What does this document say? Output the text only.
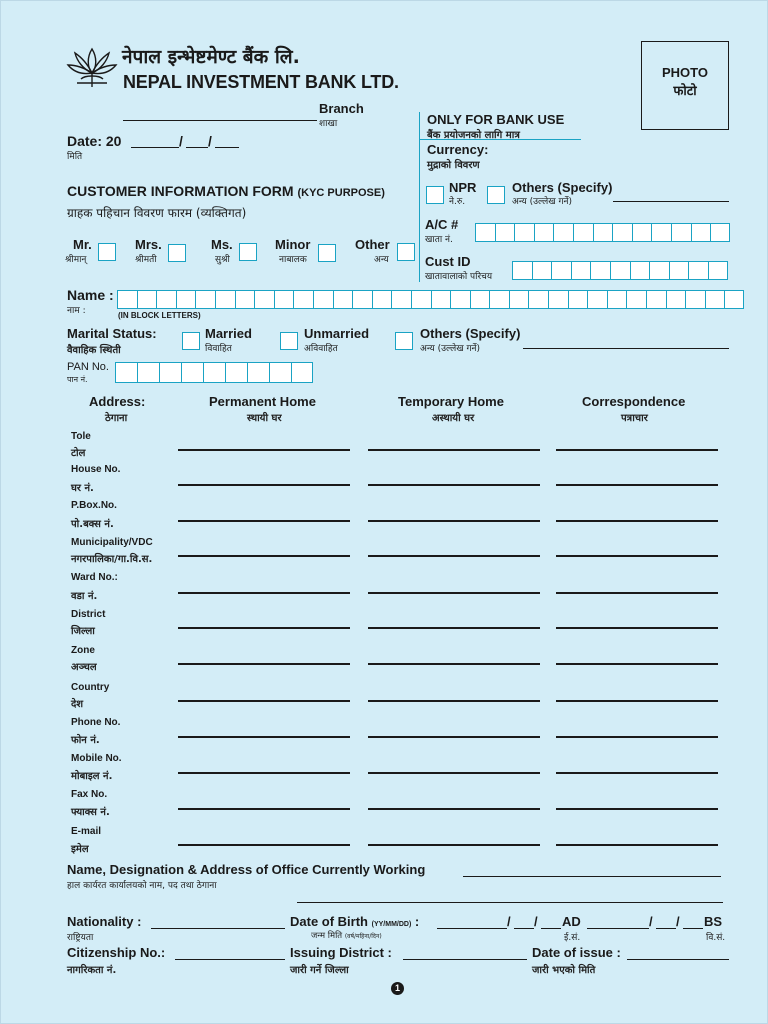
नेपाल इन्भेष्टमेण्ट बैंक लि.
NEPAL INVESTMENT BANK LTD.
Branch
शाखा
PHOTO
फोटो
Date: 20	/ /
मिति
ONLY FOR BANK USE
बैंक प्रयोजनको लागि मात्र
Currency:
मुद्राको विवरण
NPR
ने.रु.
Others (Specify)
अन्य (उल्लेख गर्ने)
A/C #
खाता नं.
Cust ID
खातावालाको परिचय
CUSTOMER INFORMATION FORM (KYC PURPOSE)
ग्राहक पहिचान विवरण फारम (व्यक्तिगत)
Mr.
श्रीमान्
Mrs.
श्रीमती
Ms.
सुश्री
Minor
नाबालक
Other
अन्य
Name :
नाम :	(IN BLOCK LETTERS)
Marital Status:
वैवाहिक स्थिती
Married
विवाहित
Unmarried
अविवाहित
Others (Specify)
अन्य (उल्लेख गर्ने)
PAN No.
पान नं.
Address:
ठेगाना
Permanent Home
स्थायी घर
Temporary Home
अस्थायी घर
Correspondence
पत्राचार
Tole
टोल
House No.
घर नं.
P.Box.No.
पो.बक्स नं.
Municipality/VDC
नगरपालिका/गा.वि.स.
Ward No.:
वडा नं.
District
जिल्ला
Zone
अञ्चल
Country
देश
Phone No.
फोन नं.
Mobile No.
मोबाइल नं.
Fax No.
फ्याक्स नं.
E-mail
इमेल
Name, Designation & Address of Office Currently Working
हाल कार्यरत कार्यालयको नाम, पद तथा ठेगाना
Nationality :
राष्ट्रियता
Date of Birth (YY/MM/DD) :
जन्म मिति (वर्ष/महिना/दिन)
/ / AD
ई.सं.
/ / BS
वि.सं.
Citizenship No.:
नागरिकता नं.
Issuing District :
जारी गर्ने जिल्ला
Date of issue :
जारी भएको मिति
1
